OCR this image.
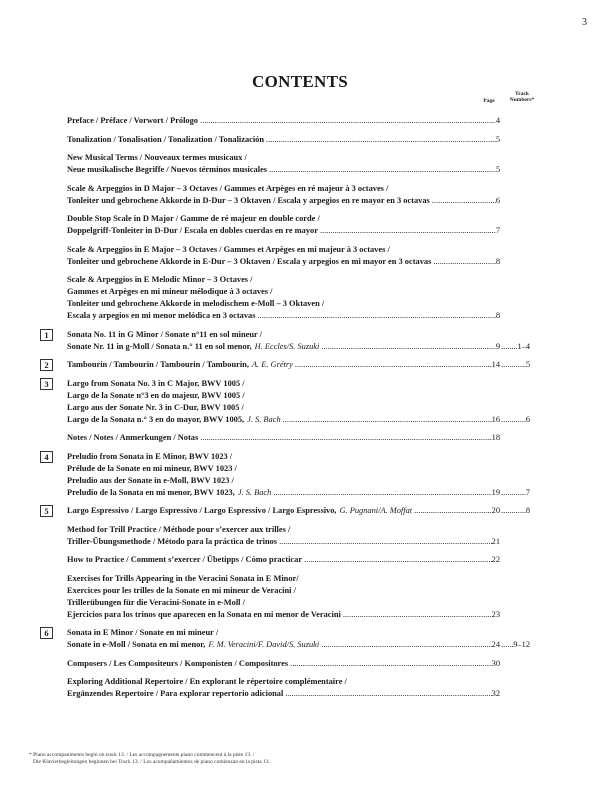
3
CONTENTS
Page
Track Numbers*
Preface / Préface / Vorwort / Prólogo .....	4
Tonalization / Tonalisation / Tonalization / Tonalización .....	5
New Musical Terms / Nouveaux termes musicaux /
Neue musikalische Begriffe / Nuevos términos musicales .....	5
Scale & Arpeggios in D Major – 3 Octaves / Gammes et Arpèges en ré majeur à 3 octaves /
Tonleiter und gebrochene Akkorde in D-Dur – 3 Oktaven / Escala y arpegios en re mayor en 3 octavas .....	6
Double Stop Scale in D Major / Gamme de ré majeur en double corde /
Doppelgriff-Tonleiter in D-Dur / Escala en dobles cuerdas en re mayor .....	7
Scale & Arpeggios in E Major – 3 Octaves / Gammes et Arpèges en mi majeur à 3 octaves /
Tonleiter und gebrochene Akkorde in E-Dur – 3 Oktaven / Escala y arpegios en mi mayor en 3 octavas .....	8
Scale & Arpeggios in E Melodic Minor – 3 Octaves /
Gammes et Arpèges en mi mineur mélodique à 3 octaves /
Tonleiter und gebrochene Akkorde in melodischem e-Moll – 3 Oktaven /
Escala y arpegios en mi menor melódica en 3 octavas .....	8
1	Sonata No. 11 in G Minor / Sonate n°11 en sol mineur /
Sonate Nr. 11 in g-Moll / Sonata n.° 11 en sol menor, H. Eccles/S. Suzuki .....	9 ..... 1–4
2	Tambourin / Tambourin / Tambourin / Tambourin, A. E. Grétry .....	14 .....	5
3	Largo from Sonata No. 3 in C Major, BWV 1005 /
Largo de la Sonate n°3 en do majeur, BWV 1005 /
Largo aus der Sonate Nr. 3 in C-Dur, BWV 1005 /
Largo de la Sonata n.° 3 en do mayor, BWV 1005, J. S. Bach .....	16 .....	6
Notes / Notes / Anmerkungen / Notas .....	18
4	Preludio from Sonata in E Minor, BWV 1023 /
Prélude de la Sonate en mi mineur, BWV 1023 /
Preludio aus der Sonate in e-Moll, BWV 1023 /
Preludio de la Sonata en mi menor, BWV 1023, J. S. Bach .....	19 .....	7
5	Largo Espressivo / Largo Espressivo / Largo Espressivo / Largo Espressivo, G. Pugnani/A. Moffat .....	20 .....	8
Method for Trill Practice / Méthode pour s’exercer aux trilles /
Triller-Übungsmethode / Método para la práctica de trinos .....	21
How to Practice / Comment s’exercer / Übetipps / Cómo practicar .....	22
Exercises for Trills Appearing in the Veracini Sonata in E Minor/
Exercices pour les trilles de la Sonate en mi mineur de Veracini /
Trillerübungen für die Veracini-Sonate in e-Moll /
Ejercicios para los trinos que aparecen en la Sonata en mi menor de Veracini .....	23
6	Sonata in E Minor / Sonate en mi mineur /
Sonate in e-Moll / Sonata en mi menor, F. M. Veracini/F. David/S. Suzuki .....	24 ..... 9–12
Composers / Les Compositeurs / Komponisten / Compositores .....	30
Exploring Additional Repertoire / En explorant le répertoire complémentaire /
Ergänzendes Repertoire / Para explorar repertorio adicional .....	32
* Piano accompaniments begin on track 13. / Les accompagnements piano commencent à la piste 13. /
Die Klavierbegleitungen beginnen bei Track 13. / Los acompañamientos de piano comienzan en la pista 13.
